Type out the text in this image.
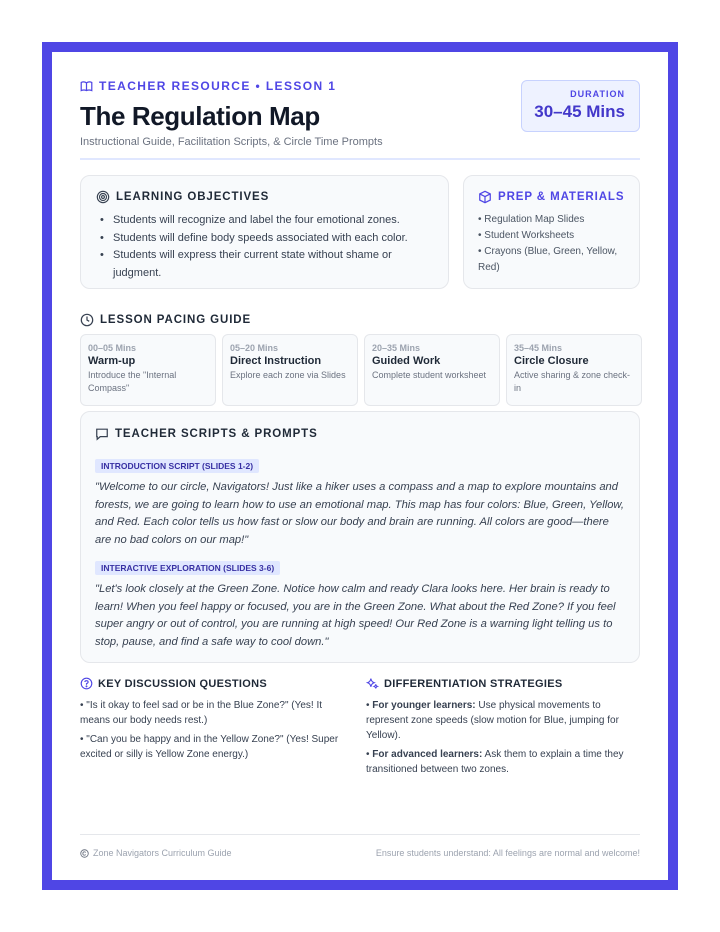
TEACHER RESOURCE • LESSON 1
The Regulation Map
Instructional Guide, Facilitation Scripts, & Circle Time Prompts
DURATION
30–45 Mins
LEARNING OBJECTIVES
• Students will recognize and label the four emotional zones.
• Students will define body speeds associated with each color.
• Students will express their current state without shame or judgment.
PREP & MATERIALS
• Regulation Map Slides
• Student Worksheets
• Crayons (Blue, Green, Yellow, Red)
LESSON PACING GUIDE
00–05 Mins
Warm-up
Introduce the "Internal Compass"
05–20 Mins
Direct Instruction
Explore each zone via Slides
20–35 Mins
Guided Work
Complete student worksheet
35–45 Mins
Circle Closure
Active sharing & zone check-in
TEACHER SCRIPTS & PROMPTS
INTRODUCTION SCRIPT (SLIDES 1-2)
"Welcome to our circle, Navigators! Just like a hiker uses a compass and a map to explore mountains and forests, we are going to learn how to use an emotional map. This map has four colors: Blue, Green, Yellow, and Red. Each color tells us how fast or slow our body and brain are running. All colors are good—there are no bad colors on our map!"
INTERACTIVE EXPLORATION (SLIDES 3-6)
"Let's look closely at the Green Zone. Notice how calm and ready Clara looks here. Her brain is ready to learn! When you feel happy or focused, you are in the Green Zone. What about the Red Zone? If you feel super angry or out of control, you are running at high speed! Our Red Zone is a warning light telling us to stop, pause, and find a safe way to cool down."
KEY DISCUSSION QUESTIONS
• "Is it okay to feel sad or be in the Blue Zone?" (Yes! It means our body needs rest.)
• "Can you be happy and in the Yellow Zone?" (Yes! Super excited or silly is Yellow Zone energy.)
DIFFERENTIATION STRATEGIES
• For younger learners: Use physical movements to represent zone speeds (slow motion for Blue, jumping for Yellow).
• For advanced learners: Ask them to explain a time they transitioned between two zones.
Zone Navigators Curriculum Guide	Ensure students understand: All feelings are normal and welcome!
